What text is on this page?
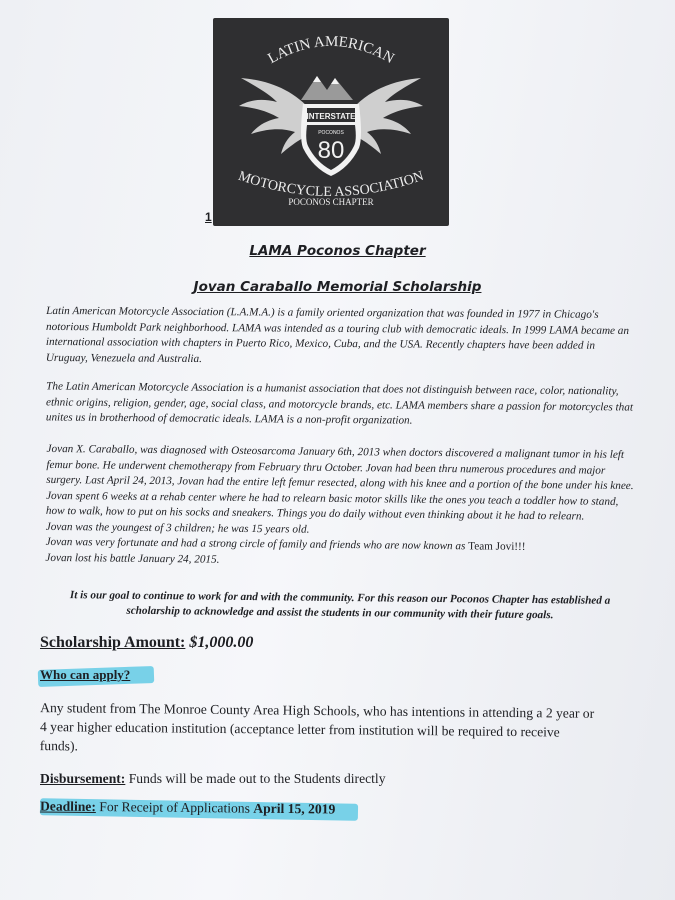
LATIN AMERICAN
INTERSTATE
POCONOS
80
MOTORCYCLE ASSOCIATION
POCONOS CHAPTER
1
LAMA Poconos Chapter
Jovan Caraballo Memorial Scholarship

Latin American Motorcycle Association (L.A.M.A.) is a family oriented organization that was founded in 1977 in Chicago's notorious Humboldt Park neighborhood. LAMA was intended as a touring club with democratic ideals. In 1999 LAMA became an international association with chapters in Puerto Rico, Mexico, Cuba, and the USA. Recently chapters have been added in Uruguay, Venezuela and Australia.

The Latin American Motorcycle Association is a humanist association that does not distinguish between race, color, nationality, ethnic origins, religion, gender, age, social class, and motorcycle brands, etc. LAMA members share a passion for motorcycles that unites us in brotherhood of democratic ideals. LAMA is a non-profit organization.

Jovan X. Caraballo, was diagnosed with Osteosarcoma January 6th, 2013 when doctors discovered a malignant tumor in his left femur bone. He underwent chemotherapy from February thru October. Jovan had been thru numerous procedures and major surgery. Last April 24, 2013, Jovan had the entire left femur resected, along with his knee and a portion of the bone under his knee. Jovan spent 6 weeks at a rehab center where he had to relearn basic motor skills like the ones you teach a toddler how to stand, how to walk, how to put on his socks and sneakers. Things you do daily without even thinking about it he had to relearn.
Jovan was the youngest of 3 children; he was 15 years old.
Jovan was very fortunate and had a strong circle of family and friends who are now known as Team Jovi!!!
Jovan lost his battle January 24, 2015.
It is our goal to continue to work for and with the community. For this reason our Poconos Chapter has established a scholarship to acknowledge and assist the students in our community with their future goals.
Scholarship Amount: $1,000.00
Who can apply?
Any student from The Monroe County Area High Schools, who has intentions in attending a 2 year or 4 year higher education institution (acceptance letter from institution will be required to receive funds).
Disbursement: Funds will be made out to the Students directly
Deadline: For Receipt of Applications April 15, 2019
